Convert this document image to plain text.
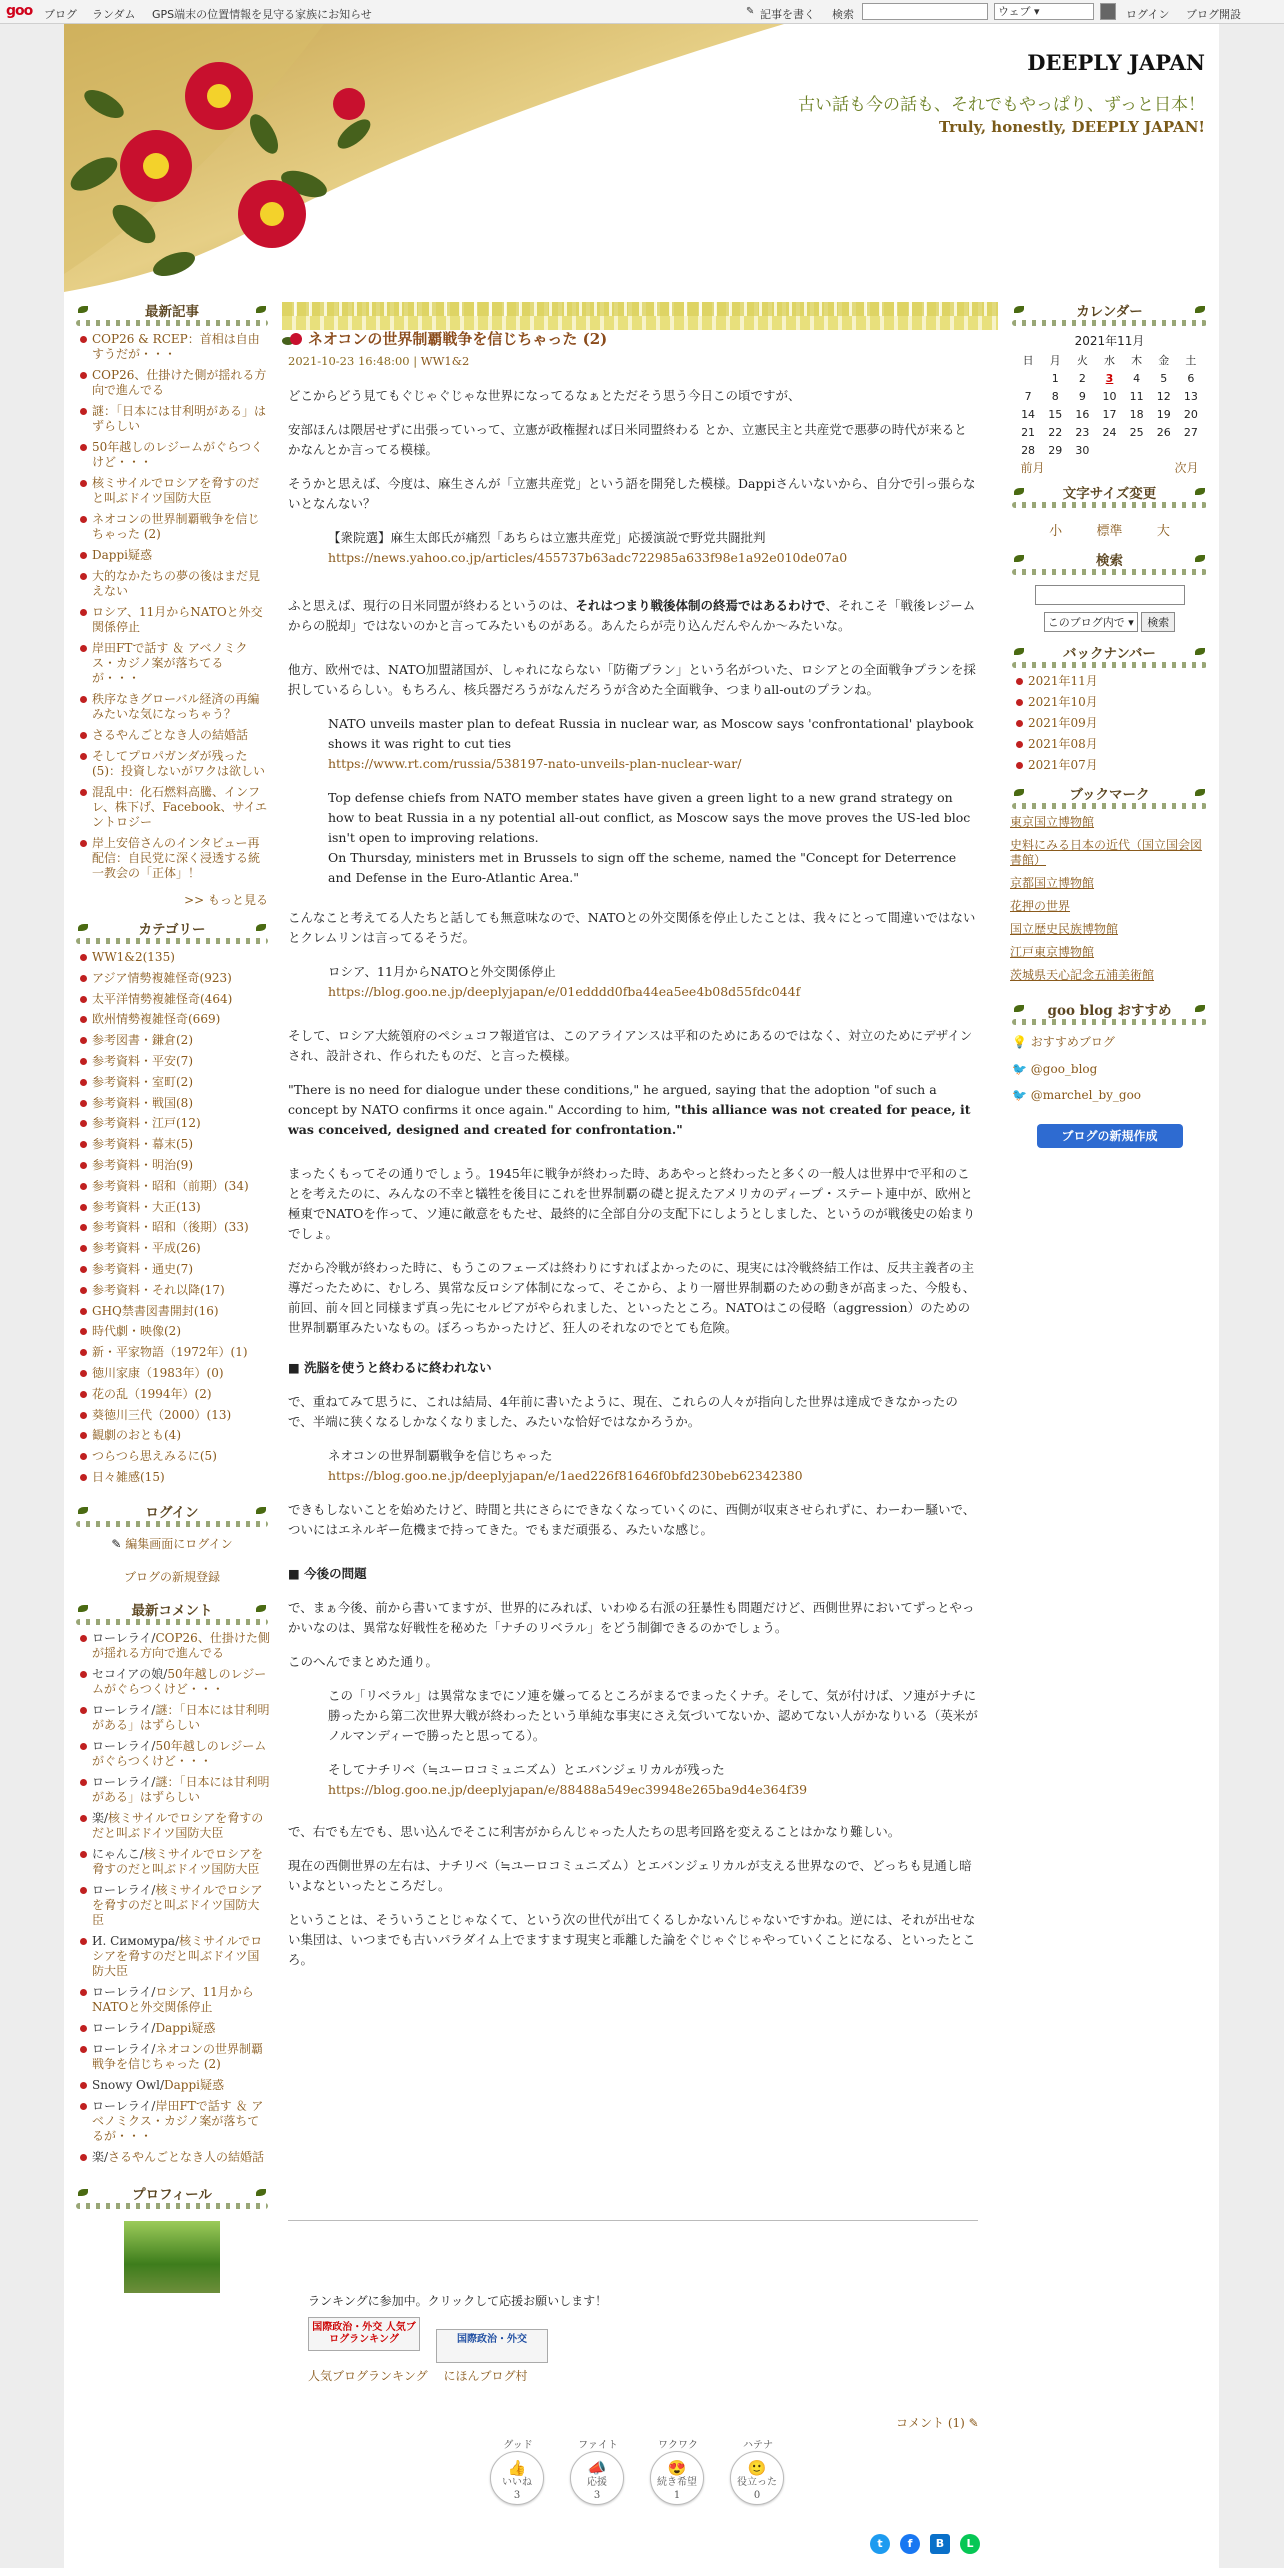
goo ブログ ランダム GPS端末の位置情報を見守る家族にお知らせ	✎ 記事を書く 検索	ウェブ ▾	ログイン ブログ開設
DEEPLY JAPAN
古い話も今の話も、それでもやっぱり、ずっと日本！
Truly, honestly, DEEPLY JAPAN!
最新記事
COP26 & RCEP：首相は自由すうだが・・・
COP26、仕掛けた側が揺れる方向で進んでる
謎：「日本には甘利明がある」はずらしい
50年越しのレジームがぐらつくけど・・・
核ミサイルでロシアを脅すのだと叫ぶドイツ国防大臣
ネオコンの世界制覇戦争を信じちゃった (2)
Dappi疑惑
大的なかたちの夢の後はまだ見えない
ロシア、11月からNATOと外交関係停止
岸田FTで話す ＆ アベノミクス・カジノ案が落ちてるが・・・
秩序なきグローバル経済の再編みたいな気になっちゃう？
さるやんごとなき人の結婚話
そしてプロパガンダが残った(5)：投資しないがワクは欲しい
混乱中：化石燃料高騰、インフレ、株下げ、Facebook、サイエントロジー
岸上安倍さんのインタビュー再配信：自民党に深く浸透する統一教会の「正体」！
>> もっと見る
カテゴリー
WW1&2(135)
アジア情勢複雑怪奇(923)
太平洋情勢複雑怪奇(464)
欧州情勢複雑怪奇(669)
参考図書・鎌倉(2)
参考資料・平安(7)
参考資料・室町(2)
参考資料・戦国(8)
参考資料・江戸(12)
参考資料・幕末(5)
参考資料・明治(9)
参考資料・昭和（前期）(34)
参考資料・大正(13)
参考資料・昭和（後期）(33)
参考資料・平成(26)
参考資料・通史(7)
参考資料・それ以降(17)
GHQ禁書図書開封(16)
時代劇・映像(2)
新・平家物語（1972年）(1)
徳川家康（1983年）(0)
花の乱（1994年）(2)
葵徳川三代（2000）(13)
観劇のおとも(4)
つらつら思えみるに(5)
日々雑感(15)
ログイン
✎ 編集画面にログイン
ブログの新規登録
最新コメント
ローレライ/COP26、仕掛けた側が揺れる方向で進んでる
セコイアの娘/50年越しのレジームがぐらつくけど・・・
ローレライ/謎：「日本には甘利明がある」はずらしい
ローレライ/50年越しのレジームがぐらつくけど・・・
ローレライ/謎：「日本には甘利明がある」はずらしい
楽/核ミサイルでロシアを脅すのだと叫ぶドイツ国防大臣
にゃんこ/核ミサイルでロシアを脅すのだと叫ぶドイツ国防大臣
ローレライ/核ミサイルでロシアを脅すのだと叫ぶドイツ国防大臣
И. Симомура/核ミサイルでロシアを脅すのだと叫ぶドイツ国防大臣
ローレライ/ロシア、11月からNATOと外交関係停止
ローレライ/Dappi疑惑
ローレライ/ネオコンの世界制覇戦争を信じちゃった (2)
Snowy Owl/Dappi疑惑
ローレライ/岸田FTで話す ＆ アベノミクス・カジノ案が落ちてるが・・・
楽/さるやんごとなき人の結婚話
プロフィール
ネオコンの世界制覇戦争を信じちゃった (2)
2021-10-23 16:48:00 | WW1&2

どこからどう見てもぐじゃぐじゃな世界になってるなぁとただそう思う今日この頃ですが、

安部ほんは隈居せずに出張っていって、立憲が政権握れば日米同盟終わる とか、立憲民主と共産党で悪夢の時代が来るとかなんとか言ってる模様。

そうかと思えば、今度は、麻生さんが「立憲共産党」という語を開発した模様。Dappiさんいないから、自分で引っ張らないとなんない？

【衆院選】麻生太郎氏が痛烈「あちらは立憲共産党」応援演説で野党共闘批判
https://news.yahoo.co.jp/articles/455737b63adc722985a633f98e1a92e010de07a0

ふと思えば、現行の日米同盟が終わるというのは、それはつまり戦後体制の終焉ではあるわけで、それこそ「戦後レジームからの脱却」ではないのかと言ってみたいものがある。あんたらが売り込んだんやんか〜みたいな。

他方、欧州では、NATO加盟諸国が、しゃれにならない「防衛プラン」という名がついた、ロシアとの全面戦争プランを採択しているらしい。もちろん、核兵器だろうがなんだろうが含めた全面戦争、つまりall-outのプランね。

NATO unveils master plan to defeat Russia in nuclear war, as Moscow says 'confrontational' playbook shows it was right to cut ties
https://www.rt.com/russia/538197-nato-unveils-plan-nuclear-war/
Top defense chiefs from NATO member states have given a green light to a new grand strategy on how to beat Russia in a ny potential all-out conflict, as Moscow says the move proves the US-led bloc isn't open to improving relations.
On Thursday, ministers met in Brussels to sign off the scheme, named the "Concept for Deterrence and Defense in the Euro-Atlantic Area."

こんなこと考えてる人たちと話しても無意味なので、NATOとの外交関係を停止したことは、我々にとって間違いではないとクレムリンは言ってるそうだ。

ロシア、11月からNATOと外交関係停止
https://blog.goo.ne.jp/deeplyjapan/e/01edddd0fba44ea5ee4b08d55fdc044f

そして、ロシア大統領府のペシュコフ報道官は、このアライアンスは平和のためにあるのではなく、対立のためにデザインされ、設計され、作られたものだ、と言った模様。

"There is no need for dialogue under these conditions," he argued, saying that the adoption "of such a concept by NATO confirms it once again." According to him, "this alliance was not created for peace, it was conceived, designed and created for confrontation."

まったくもってその通りでしょう。1945年に戦争が終わった時、ああやっと終わったと多くの一般人は世界中で平和のことを考えたのに、みんなの不幸と犠牲を後目にこれを世界制覇の礎と捉えたアメリカのディープ・ステート連中が、欧州と極東でNATOを作って、ソ連に敵意をもたせ、最終的に全部自分の支配下にしようとしました、というのが戦後史の始まりでしょ。

だから冷戦が終わった時に、もうこのフェーズは終わりにすればよかったのに、現実には冷戦終結工作は、反共主義者の主導だったために、むしろ、異常な反ロシア体制になって、そこから、より一層世界制覇のための動きが高まった、今般も、前回、前々回と同様まず真っ先にセルビアがやられました、といったところ。NATOはこの侵略（aggression）のための世界制覇軍みたいなもの。ぼろっちかったけど、狂人のそれなのでとても危険。

■ 洗脳を使うと終わるに終われない

で、重ねてみて思うに、これは結局、4年前に書いたように、現在、これらの人々が指向した世界は達成できなかったので、半端に狭くなるしかなくなりました、みたいな恰好ではなかろうか。

ネオコンの世界制覇戦争を信じちゃった
https://blog.goo.ne.jp/deeplyjapan/e/1aed226f81646f0bfd230beb62342380

できもしないことを始めたけど、時間と共にさらにできなくなっていくのに、西側が収束させられずに、わーわー騒いで、ついにはエネルギー危機まで持ってきた。でもまだ頑張る、みたいな感じ。

■ 今後の問題

で、まぁ今後、前から書いてますが、世界的にみれば、いわゆる右派の狂暴性も問題だけど、西側世界においてずっとやっかいなのは、異常な好戦性を秘めた「ナチのリベラル」をどう制御できるのかでしょう。

このへんでまとめた通り。

この「リベラル」は異常なまでにソ連を嫌ってるところがまるでまったくナチ。そして、気が付けば、ソ連がナチに勝ったから第二次世界大戦が終わったという単純な事実にさえ気づいてないか、認めてない人がかなりいる（英米がノルマンディーで勝ったと思ってる）。
そしてナチリベ（≒ユーロコミュニズム）とエバンジェリカルが残った
https://blog.goo.ne.jp/deeplyjapan/e/88488a549ec39948e265ba9d4e364f39

で、右でも左でも、思い込んでそこに利害がからんじゃった人たちの思考回路を変えることはかなり難しい。

現在の西側世界の左右は、ナチリベ（≒ユーロコミュニズム）とエバンジェリカルが支える世界なので、どっちも見通し暗いよなといったところだし。

ということは、そういうことじゃなくて、という次の世代が出てくるしかないんじゃないですかね。逆には、それが出せない集団は、いつまでも古いパラダイム上でますます現実と乖離した論をぐじゃぐじゃやっていくことになる、といったところ。

ランキングに参加中。クリックして応援お願いします！
国際政治・外交 人気ブログランキング	国際政治・外交
人気ブログランキング　 にほんブログ村
コメント (1) ✎
グッド
👍
いいね
3
ファイト
📣
応援
3
ワクワク
😍
続き希望
1
ハテナ
🙂
役立った
0
t	f	B	L
カレンダー
2021年11月
日	月	火	水	木	金	土
	1	2	3	4	5	6
7	8	9	10	11	12	13
14	15	16	17	18	19	20
21	22	23	24	25	26	27
28	29	30				
前月	次月
文字サイズ変更
小	標準	大
検索
このブログ内で ▾ 検索
バックナンバー
2021年11月
2021年10月
2021年09月
2021年08月
2021年07月
ブックマーク
東京国立博物館
史料にみる日本の近代（国立国会図書館）
京都国立博物館
花押の世界
国立歴史民族博物館
江戸東京博物館
茨城県天心記念五浦美術館
goo blog おすすめ
💡 おすすめブログ
🐦 @goo_blog
🐦 @marchel_by_goo
ブログの新規作成
